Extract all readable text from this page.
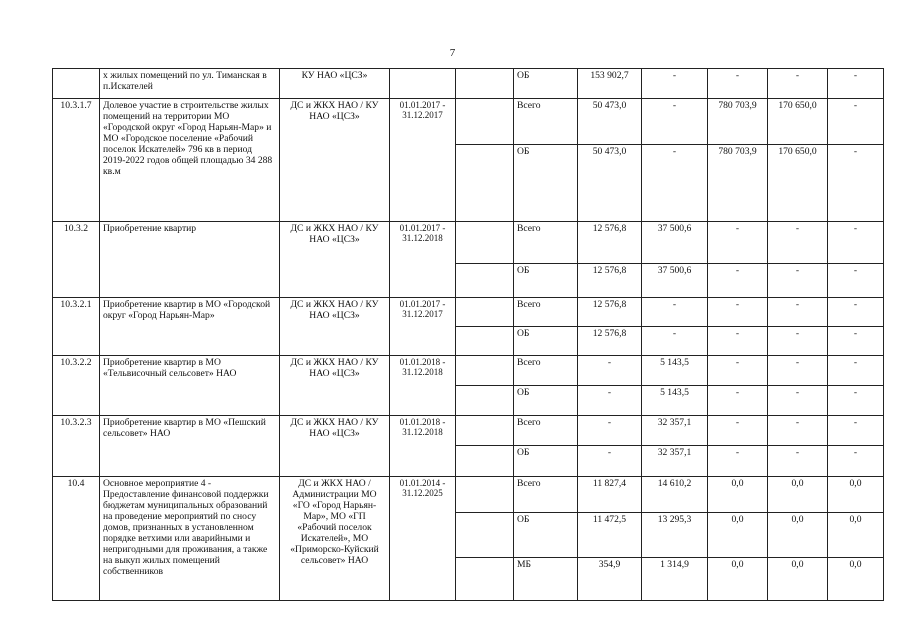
7
	х жилых помещений по ул. Тиманская в п.Искателей	КУ НАО «ЦСЗ»			ОБ	153 902,7	-	-	-	-	
10.3.1.7	Долевое участие в строительстве жилых помещений на территории МО «Городской округ «Город Нарьян-Мар» и МО «Городское поселение «Рабочий поселок Искателей» 796 кв в период 2019-2022 годов общей площадью 34 288 кв.м	ДС и ЖКХ НАО / КУ НАО «ЦСЗ»	01.01.2017 - 31.12.2017		Всего	50 473,0	-	780 703,9	170 650,0	-	
					ОБ	50 473,0	-	780 703,9	170 650,0	-	
10.3.2	Приобретение квартир	ДС и ЖКХ НАО / КУ НАО «ЦСЗ»	01.01.2017 - 31.12.2018		Всего	12 576,8	37 500,6	-	-	-	
					ОБ	12 576,8	37 500,6	-	-	-	
10.3.2.1	Приобретение квартир в МО «Городской округ «Город Нарьян-Мар»	ДС и ЖКХ НАО / КУ НАО «ЦСЗ»	01.01.2017 - 31.12.2017		Всего	12 576,8	-	-	-	-	
					ОБ	12 576,8	-	-	-	-	
10.3.2.2	Приобретение квартир в МО «Тельвисочный сельсовет» НАО	ДС и ЖКХ НАО / КУ НАО «ЦСЗ»	01.01.2018 - 31.12.2018		Всего	-	5 143,5	-	-	-	
					ОБ	-	5 143,5	-	-	-	
10.3.2.3	Приобретение квартир в МО «Пешский сельсовет» НАО	ДС и ЖКХ НАО / КУ НАО «ЦСЗ»	01.01.2018 - 31.12.2018		Всего	-	32 357,1	-	-	-	
					ОБ	-	32 357,1	-	-	-	
10.4	Основное мероприятие 4 - Предоставление финансовой поддержки бюджетам муниципальных образований на проведение мероприятий по сносу домов, признанных в установленном порядке ветхими или аварийными и непригодными для проживания, а также на выкуп жилых помещений собственников	ДС и ЖКХ НАО / Администрации МО «ГО «Город Нарьян-Мар», МО «ГП «Рабочий поселок Искателей», МО «Приморско-Куйский сельсовет» НАО	01.01.2014 - 31.12.2025		Всего	11 827,4	14 610,2	0,0	0,0	0,0	
					ОБ	11 472,5	13 295,3	0,0	0,0	0,0	
					МБ	354,9	1 314,9	0,0	0,0	0,0	
